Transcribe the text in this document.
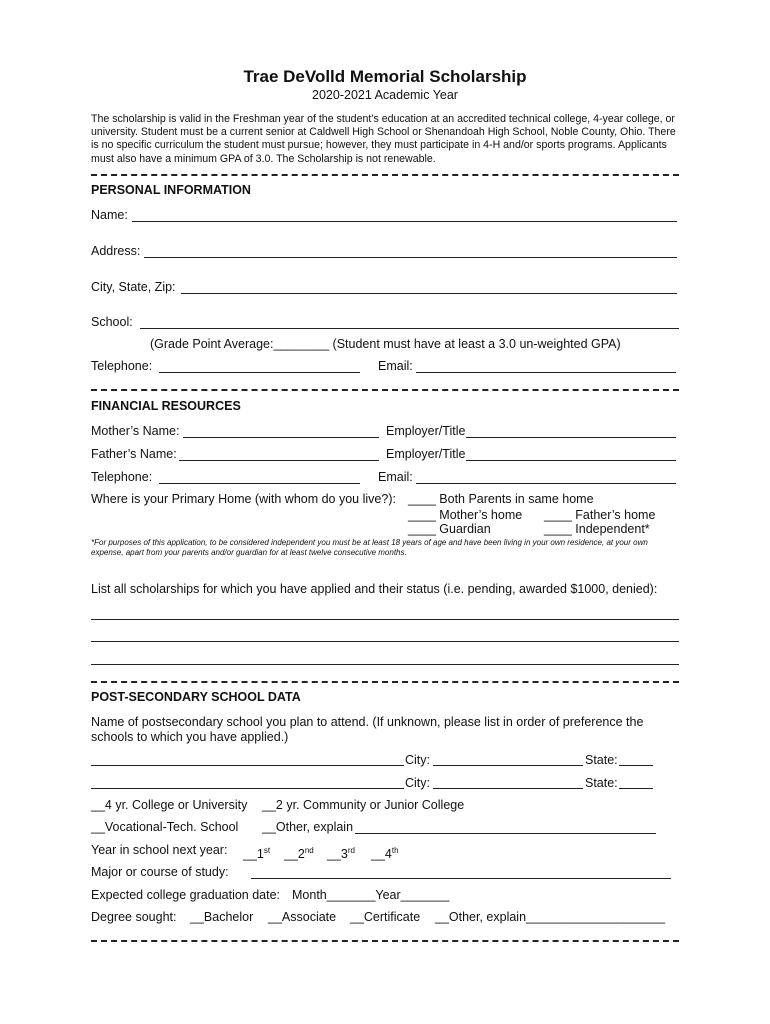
Trae DeVolld Memorial Scholarship
2020-2021 Academic Year
The scholarship is valid in the Freshman year of the student’s education at an accredited technical college, 4-year college, or university. Student must be a current senior at Caldwell High School or Shenandoah High School, Noble County, Ohio. There is no specific curriculum the student must pursue; however, they must participate in 4-H and/or sports programs. Applicants must also have a minimum GPA of 3.0. The Scholarship is not renewable.
PERSONAL INFORMATION
Name:
Address:
City, State, Zip:
School:
(Grade Point Average:________ (Student must have at least a 3.0 un-weighted GPA)
Telephone:	Email:
FINANCIAL RESOURCES
Mother’s Name:	Employer/Title
Father’s Name:	Employer/Title
Telephone:	Email:
Where is your Primary Home (with whom do you live?): ____ Both Parents in same home
____ Mother’s home ____ Father’s home
____ Guardian	____ Independent*
*For purposes of this application, to be considered independent you must be at least 18 years of age and have been living in your own residence, at your own expense, apart from your parents and/or guardian for at least twelve consecutive months.
List all scholarships for which you have applied and their status (i.e. pending, awarded $1000, denied):
POST-SECONDARY SCHOOL DATA
Name of postsecondary school you plan to attend. (If unknown, please list in order of preference the schools to which you have applied.)
City:	State:
City:	State:
__4 yr. College or University __2 yr. Community or Junior College
__Vocational-Tech. School __Other, explain
Year in school next year: __1st __2nd __3rd __4th
Major or course of study:
Expected college graduation date: Month_______Year_______
Degree sought: __Bachelor __Associate __Certificate __Other, explain____________________
